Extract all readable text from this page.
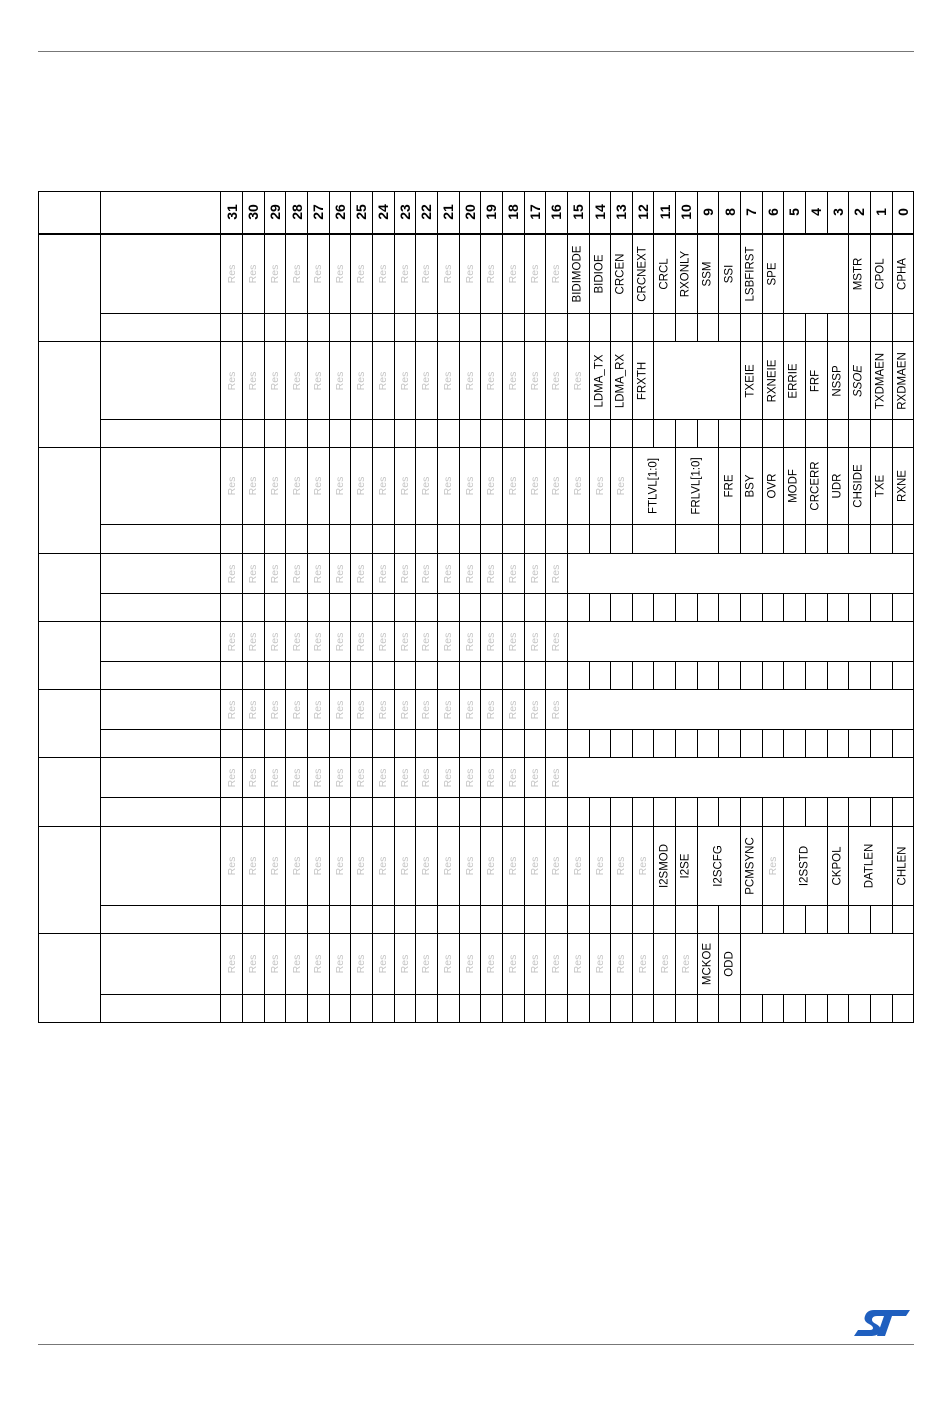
31 30 29 28 27 26 25 24 23 22 21 20 19 18 17 16 15 14 13 12 11 10 9 8 7 6 5 4 3 2 1 0
Res Res Res Res Res Res Res Res Res Res Res Res Res Res Res Res BIDIMODE BIDIOE CRCEN CRCNEXT CRCL RXONLY SSM SSI LSBFIRST SPE	MSTR CPOL CPHA
Res Res Res Res Res Res Res Res Res Res Res Res Res Res Res Res Res LDMA_TX LDMA_RX FRXTH	TXEIE RXNEIE ERRIE FRF NSSP SSOE TXDMAEN RXDMAEN
Res Res Res Res Res Res Res Res Res Res Res Res Res Res Res Res Res Res Res FTLVL[1:0]	FRLVL[1:0] FRE BSY OVR MODF CRCERR UDR CHSIDE TXE RXNE
Res Res Res Res Res Res Res Res Res Res Res Res Res Res Res Res
Res Res Res Res Res Res Res Res Res Res Res Res Res Res Res Res
Res Res Res Res Res Res Res Res Res Res Res Res Res Res Res Res
Res Res Res Res Res Res Res Res Res Res Res Res Res Res Res Res
Res Res Res Res Res Res Res Res Res Res Res Res Res Res Res Res Res Res Res Res I2SMOD I2SE I2SCFG PCMSYNC Res I2SSTD CKPOL DATLEN CHLEN
Res Res Res Res Res Res Res Res Res Res Res Res Res Res Res Res Res Res Res Res Res Res MCKOE ODD
